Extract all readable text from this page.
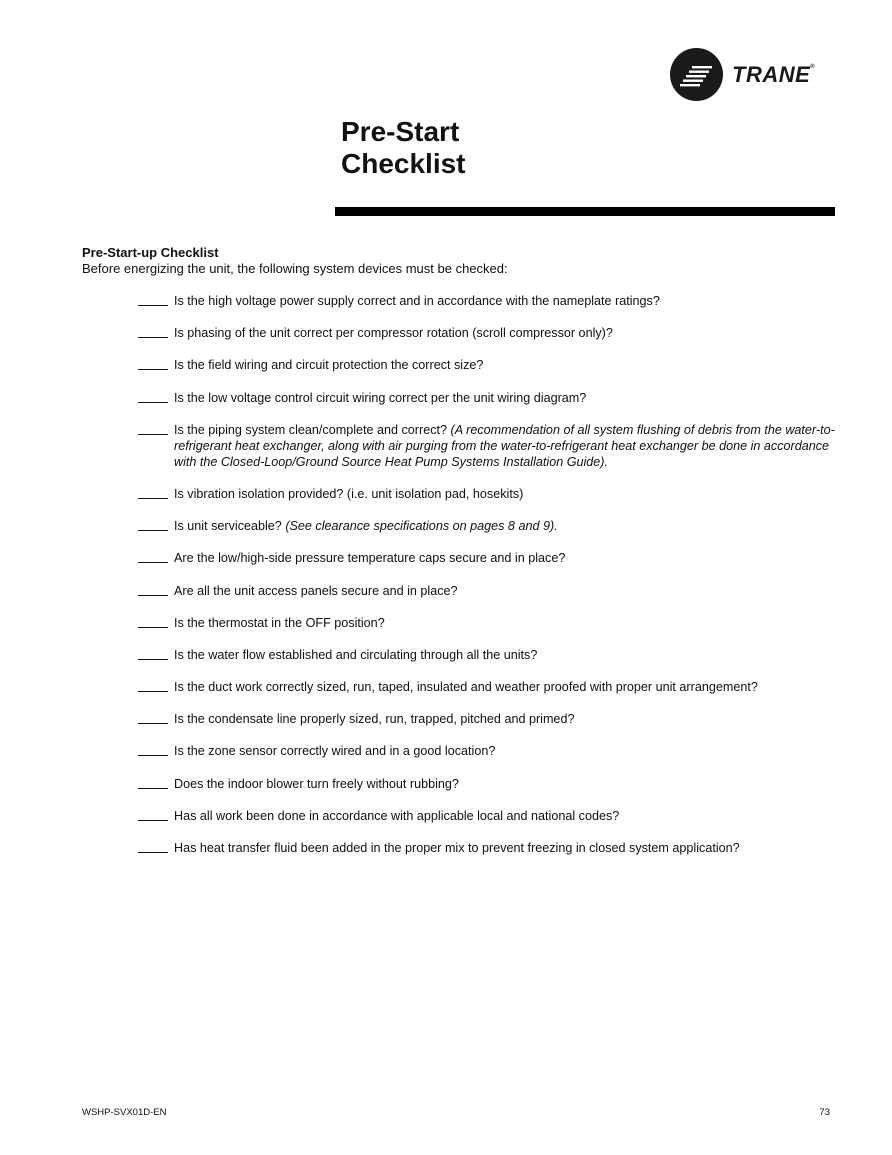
TRANE®
Pre-Start
Checklist
Pre-Start-up Checklist

Before energizing the unit, the following system devices must be checked:

Is the high voltage power supply correct and in accordance with the nameplate ratings?
Is phasing of the unit correct per compressor rotation (scroll compressor only)?
Is the field wiring and circuit protection the correct size?
Is the low voltage control circuit wiring correct per the unit wiring diagram?
Is the piping system clean/complete and correct? (A recommendation of all system flushing of debris from the water-to-refrigerant heat exchanger, along with air purging from the water-to-refrigerant heat exchanger be done in accordance with the Closed-Loop/Ground Source Heat Pump Systems Installation Guide).
Is vibration isolation provided? (i.e. unit isolation pad, hosekits)
Is unit serviceable? (See clearance specifications on pages 8 and 9).
Are the low/high-side pressure temperature caps secure and in place?
Are all the unit access panels secure and in place?
Is the thermostat in the OFF position?
Is the water flow established and circulating through all the units?
Is the duct work correctly sized, run, taped, insulated and weather proofed with proper unit arrangement?
Is the condensate line properly sized, run, trapped, pitched and primed?
Is the zone sensor correctly wired and in a good location?
Does the indoor blower turn freely without rubbing?
Has all work been done in accordance with applicable local and national codes?
Has heat transfer fluid been added in the proper mix to prevent freezing in closed system application?
WSHP-SVX01D-EN	73
